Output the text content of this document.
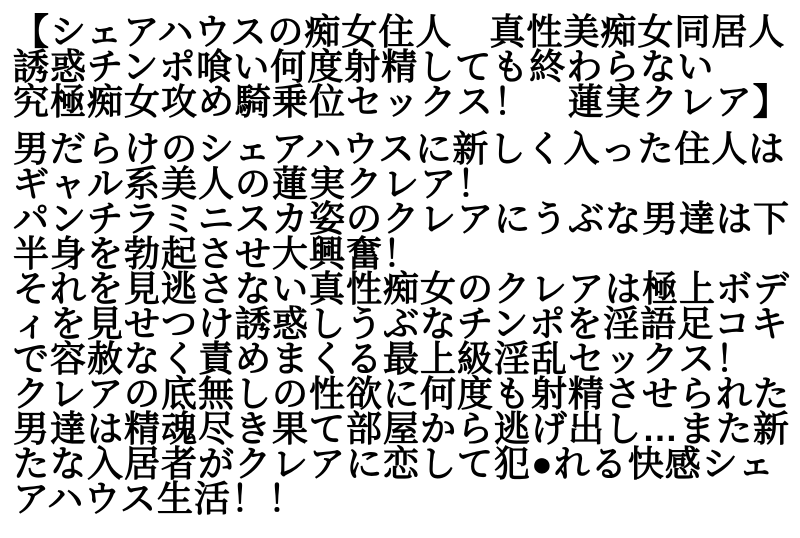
【シェアハウスの痴女住人　真性美痴女同居人
誘惑チンポ喰い何度射精しても終わらない
究極痴女攻め騎乗位セックス！　蓮実クレア】
男だらけのシェアハウスに新しく入った住人は
ギャル系美人の蓮実クレア！
パンチラミニスカ姿のクレアにうぶな男達は下
半身を勃起させ大興奮！
それを見逃さない真性痴女のクレアは極上ボデ
ィを見せつけ誘惑しうぶなチンポを淫語足コキ
で容赦なく責めまくる最上級淫乱セックス！
クレアの底無しの性欲に何度も射精させられた
男達は精魂尽き果て部屋から逃げ出し…また新
たな入居者がクレアに恋して犯●れる快感シェ
アハウス生活！！
